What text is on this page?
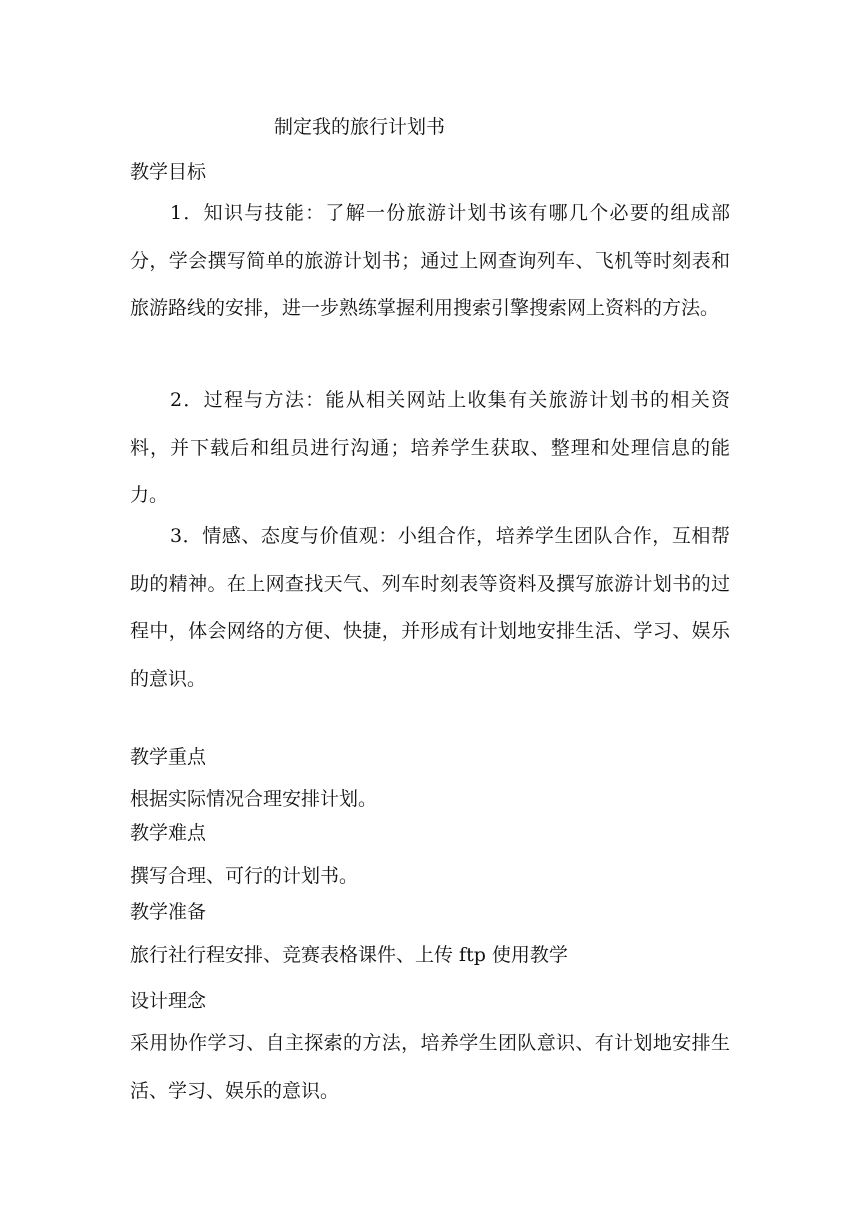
制定我的旅行计划书
教学目标
1．知识与技能：了解一份旅游计划书该有哪几个必要的组成部分，学会撰写简单的旅游计划书；通过上网查询列车、飞机等时刻表和旅游路线的安排，进一步熟练掌握利用搜索引擎搜索网上资料的方法。
2．过程与方法：能从相关网站上收集有关旅游计划书的相关资料，并下载后和组员进行沟通；培养学生获取、整理和处理信息的能力。
3．情感、态度与价值观：小组合作，培养学生团队合作，互相帮助的精神。在上网查找天气、列车时刻表等资料及撰写旅游计划书的过程中，体会网络的方便、快捷，并形成有计划地安排生活、学习、娱乐的意识。
教学重点
根据实际情况合理安排计划。
教学难点
撰写合理、可行的计划书。
教学准备
旅行社行程安排、竞赛表格课件、上传 ftp 使用教学
设计理念
采用协作学习、自主探索的方法，培养学生团队意识、有计划地安排生活、学习、娱乐的意识。
